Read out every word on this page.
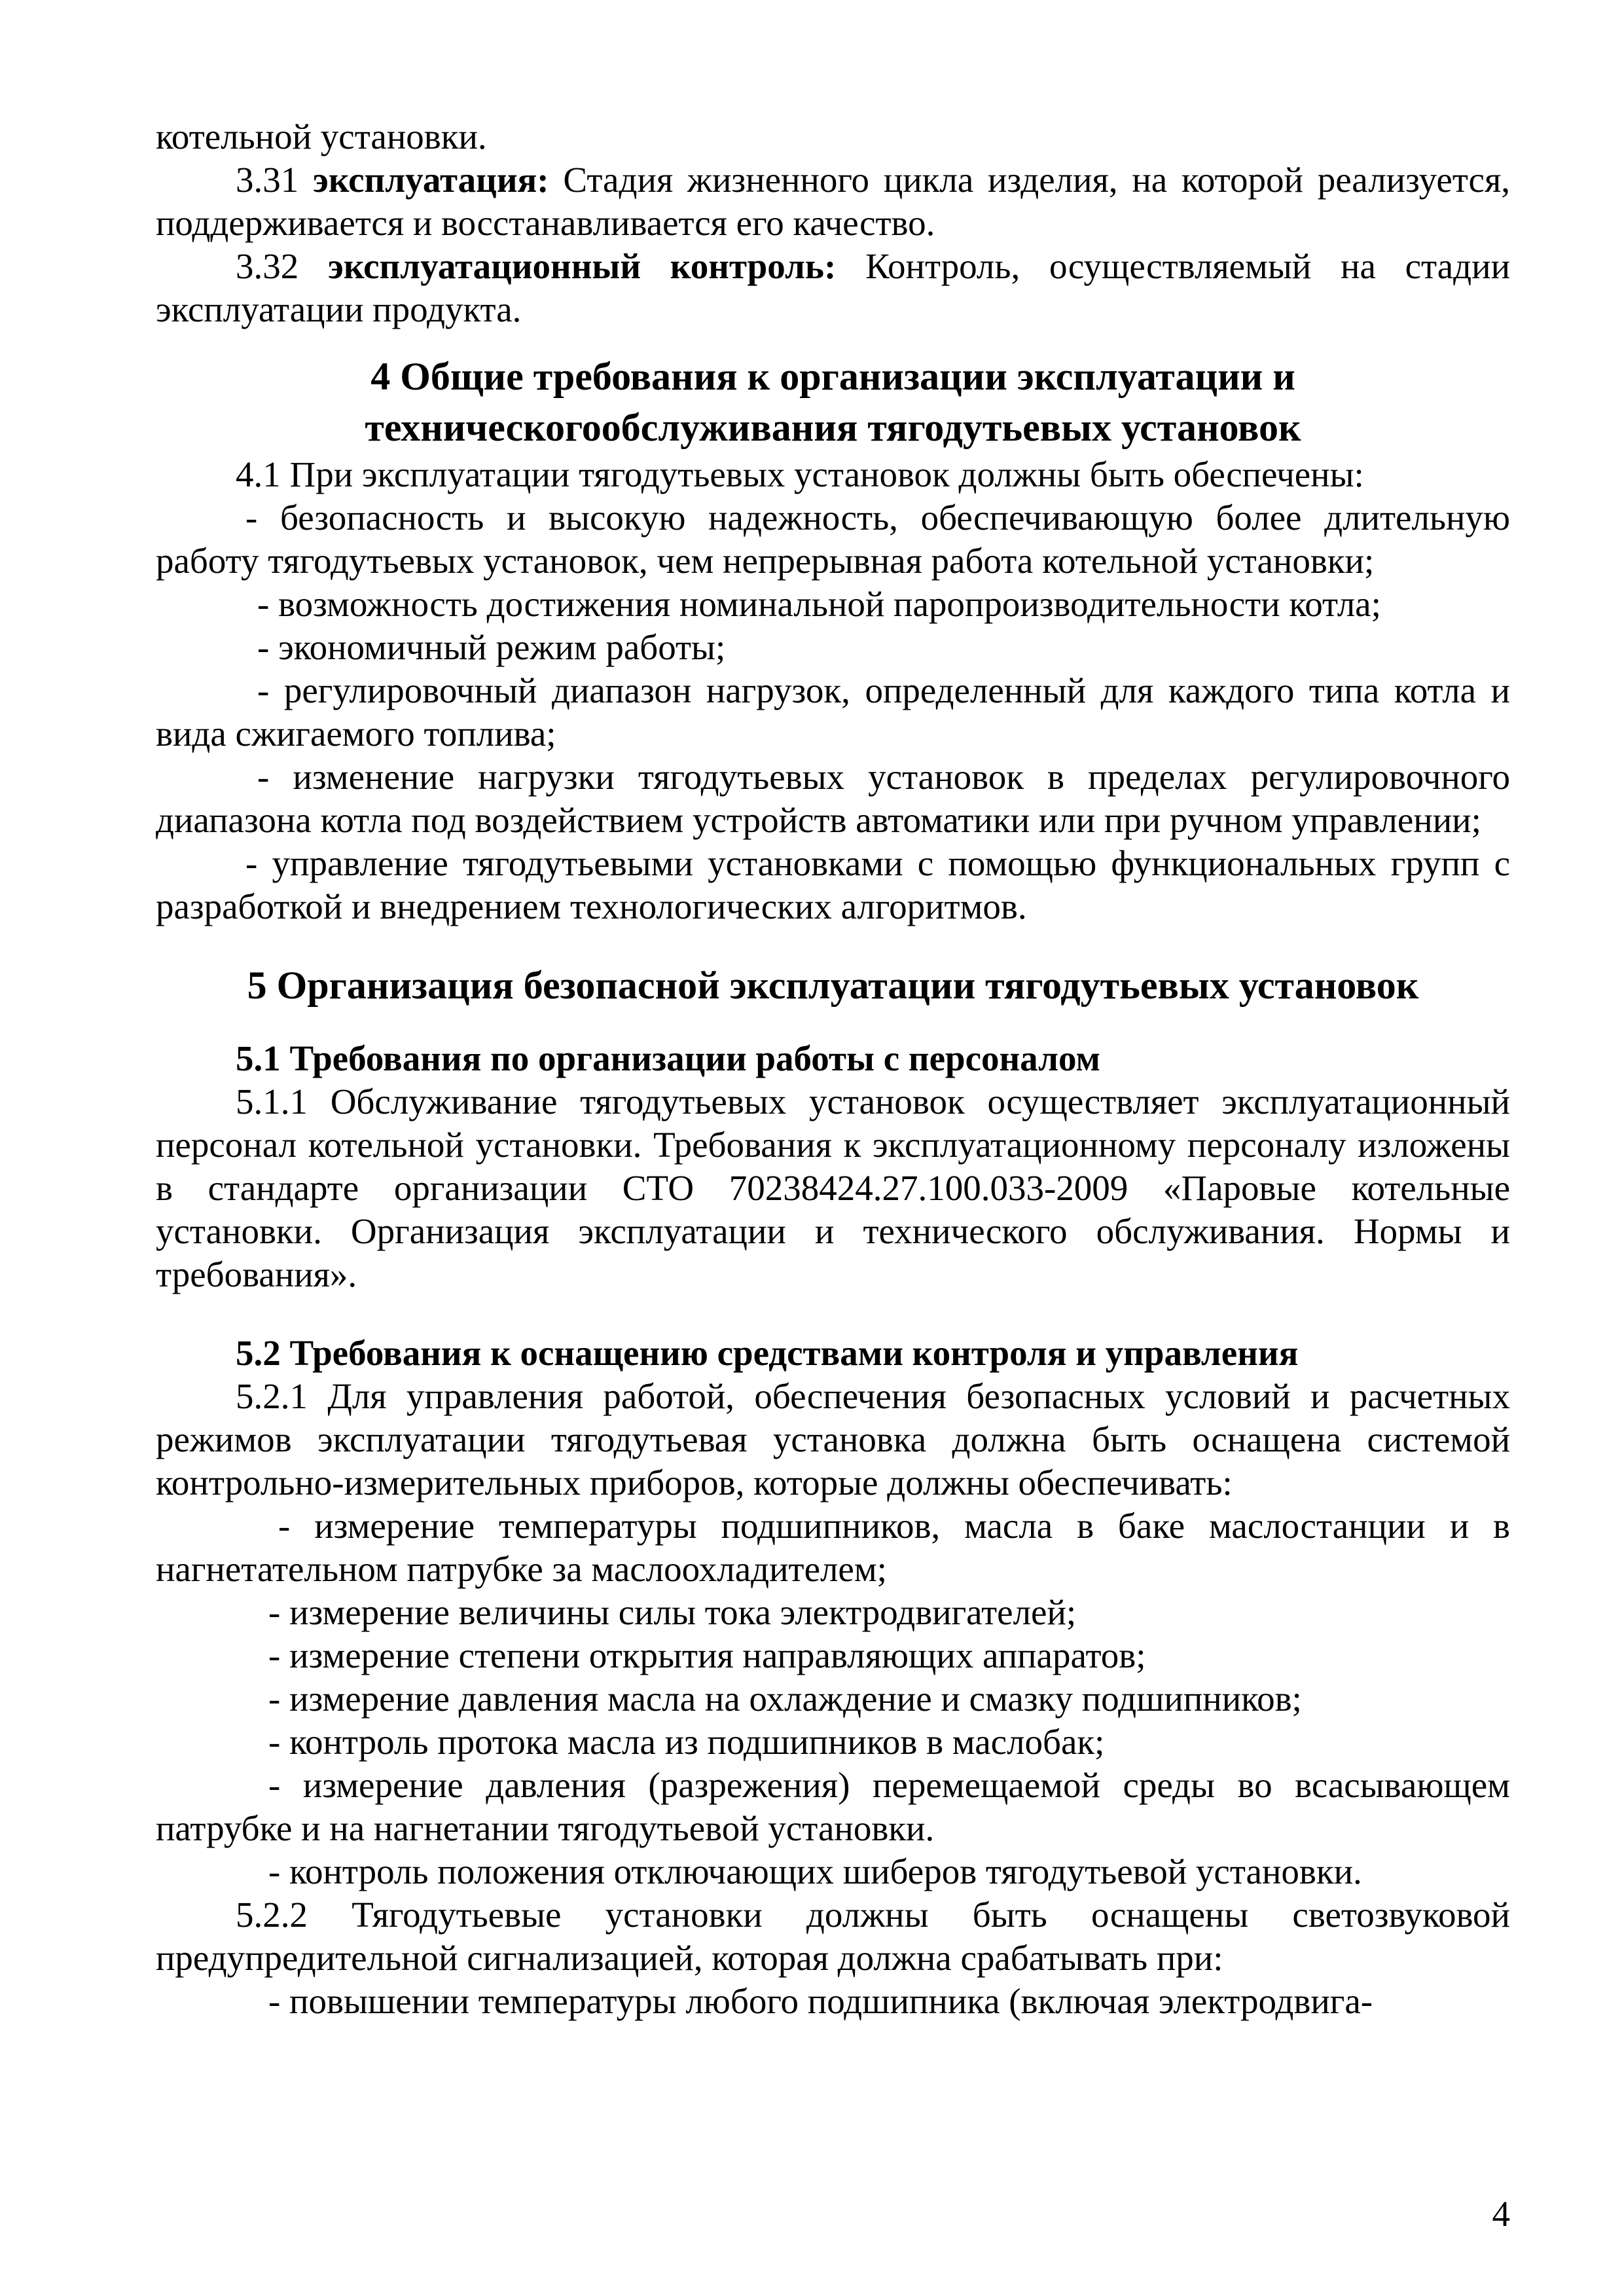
котельной установки.

3.31 эксплуатация: Стадия жизненного цикла изделия, на которой реализуется, поддерживается и восстанавливается его качество.

3.32 эксплуатационный контроль: Контроль, осуществляемый на стадии эксплуатации продукта.

4 Общие требования к организации эксплуатации и
техническогообслуживания тягодутьевых установок

4.1 При эксплуатации тягодутьевых установок должны быть обеспечены:

- безопасность и высокую надежность, обеспечивающую более длительную работу тягодутьевых установок, чем непрерывная работа котельной установки;

- возможность достижения номинальной паропроизводительности котла;

- экономичный режим работы;

- регулировочный диапазон нагрузок, определенный для каждого типа котла и вида сжигаемого топлива;

- изменение нагрузки тягодутьевых установок в пределах регулировочного диапазона котла под воздействием устройств автоматики или при ручном управлении;

- управление тягодутьевыми установками с помощью функциональных групп с разработкой и внедрением технологических алгоритмов.

5 Организация безопасной эксплуатации тягодутьевых установок
5.1 Требования по организации работы с персоналом

5.1.1 Обслуживание тягодутьевых установок осуществляет эксплуатационный персонал котельной установки. Требования к эксплуатационному персоналу изложены в стандарте организации СТО 70238424.27.100.033-2009 «Паровые котельные установки. Организация эксплуатации и технического обслуживания. Нормы и требования».

5.2 Требования к оснащению средствами контроля и управления

5.2.1 Для управления работой, обеспечения безопасных условий и расчетных режимов эксплуатации тягодутьевая установка должна быть оснащена системой контрольно-измерительных приборов, которые должны обеспечивать:

- измерение температуры подшипников, масла в баке маслостанции и в нагнетательном патрубке за маслоохладителем;

- измерение величины силы тока электродвигателей;

- измерение степени открытия направляющих аппаратов;

- измерение давления масла на охлаждение и смазку подшипников;

- контроль протока масла из подшипников в маслобак;

- измерение давления (разрежения) перемещаемой среды во всасывающем патрубке и на нагнетании тягодутьевой установки.

- контроль положения отключающих шиберов тягодутьевой установки.

5.2.2 Тягодутьевые установки должны быть оснащены светозвуковой предупредительной сигнализацией, которая должна срабатывать при:

- повышении температуры любого подшипника (включая электродвига-

4
